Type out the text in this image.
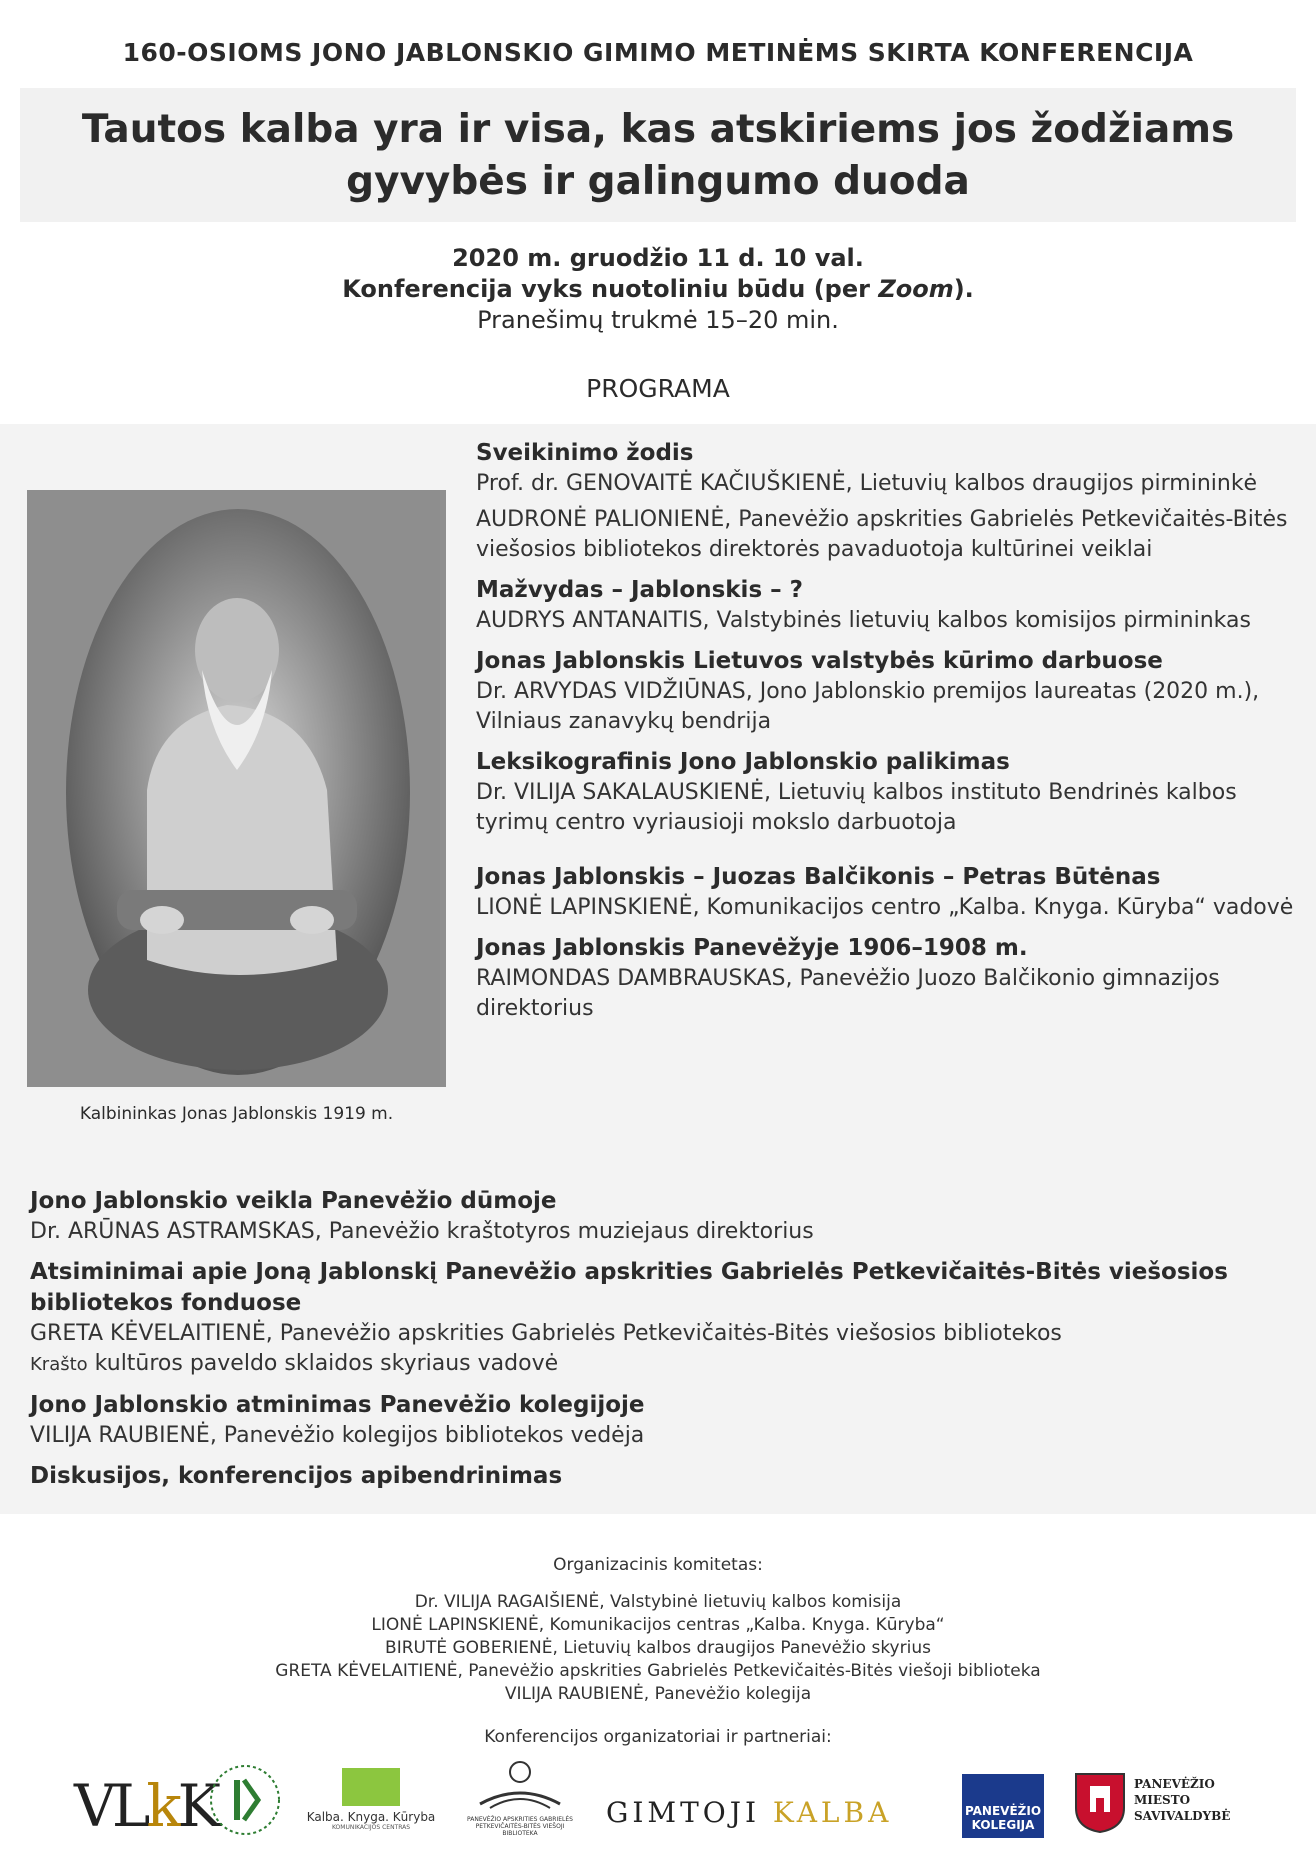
160-OSIOMS JONO JABLONSKIO GIMIMO METINĖMS SKIRTA KONFERENCIJA
Tautos kalba yra ir visa, kas atskiriems jos žodžiams
gyvybės ir galingumo duoda
2020 m. gruodžio 11 d. 10 val.
Konferencija vyks nuotoliniu būdu (per Zoom).
Pranešimų trukmė 15–20 min.
PROGRAMA
Kalbininkas Jonas Jablonskis 1919 m.
Sveikinimo žodis
Prof. dr. GENOVAITĖ KAČIUŠKIENĖ, Lietuvių kalbos draugijos pirmininkė
AUDRONĖ PALIONIENĖ, Panevėžio apskrities Gabrielės Petkevičaitės-Bitės viešosios bibliotekos direktorės pavaduotoja kultūrinei veiklai
Mažvydas – Jablonskis – ?
AUDRYS ANTANAITIS, Valstybinės lietuvių kalbos komisijos pirmininkas
Jonas Jablonskis Lietuvos valstybės kūrimo darbuose
Dr. ARVYDAS VIDŽIŪNAS, Jono Jablonskio premijos laureatas (2020 m.), Vilniaus zanavykų bendrija
Leksikografinis Jono Jablonskio palikimas
Dr. VILIJA SAKALAUSKIENĖ, Lietuvių kalbos instituto Bendrinės kalbos tyrimų centro vyriausioji mokslo darbuotoja
Jonas Jablonskis – Juozas Balčikonis – Petras Būtėnas
LIONĖ LAPINSKIENĖ, Komunikacijos centro „Kalba. Knyga. Kūryba“ vadovė
Jonas Jablonskis Panevėžyje 1906–1908 m.
RAIMONDAS DAMBRAUSKAS, Panevėžio Juozo Balčikonio gimnazijos direktorius
Jono Jablonskio veikla Panevėžio dūmoje
Dr. ARŪNAS ASTRAMSKAS, Panevėžio kraštotyros muziejaus direktorius
Atsiminimai apie Joną Jablonskį Panevėžio apskrities Gabrielės Petkevičaitės-Bitės viešosios bibliotekos fonduose
GRETA KĖVELAITIENĖ, Panevėžio apskrities Gabrielės Petkevičaitės-Bitės viešosios bibliotekos
Krašto kultūros paveldo sklaidos skyriaus vadovė
Jono Jablonskio atminimas Panevėžio kolegijoje
VILIJA RAUBIENĖ, Panevėžio kolegijos bibliotekos vedėja
Diskusijos, konferencijos apibendrinimas
Organizacinis komitetas:
Dr. VILIJA RAGAIŠIENĖ, Valstybinė lietuvių kalbos komisija
LIONĖ LAPINSKIENĖ, Komunikacijos centras „Kalba. Knyga. Kūryba“
BIRUTĖ GOBERIENĖ, Lietuvių kalbos draugijos Panevėžio skyrius
GRETA KĖVELAITIENĖ, Panevėžio apskrities Gabrielės Petkevičaitės-Bitės viešoji biblioteka
VILIJA RAUBIENĖ, Panevėžio kolegija
Konferencijos organizatoriai ir partneriai:
VLkK	Kalba. Knyga. Kūryba
KOMUNIKACIJOS CENTRAS
PANEVĖŽIO APSKRITIES GABRIELĖS PETKEVIČAITĖS-BITĖS VIEŠOJI BIBLIOTEKA
GIMTOJI KALBA	PANEVĖŽIO
KOLEGIJA
PANEVĖŽIO
MIESTO
SAVIVALDYBĖ
